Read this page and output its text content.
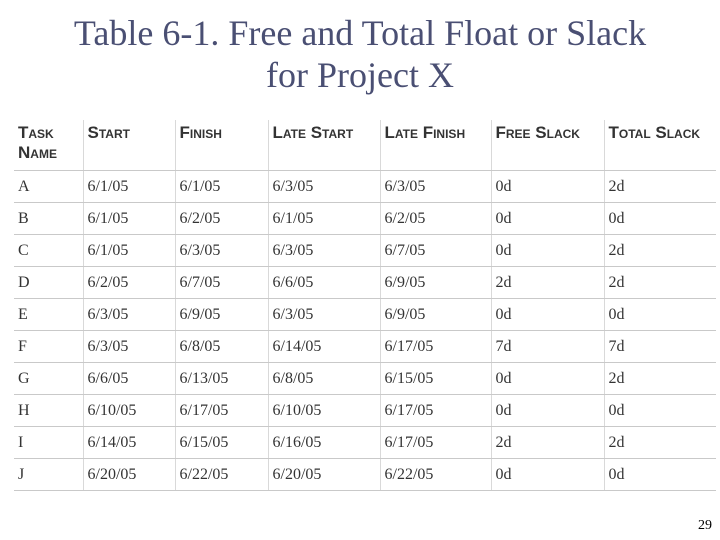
Table 6-1. Free and Total Float or Slack
for Project X
Task Name	Start	Finish	Late Start	Late Finish	Free Slack	Total Slack
A	6/1/05	6/1/05	6/3/05	6/3/05	0d	2d
B	6/1/05	6/2/05	6/1/05	6/2/05	0d	0d
C	6/1/05	6/3/05	6/3/05	6/7/05	0d	2d
D	6/2/05	6/7/05	6/6/05	6/9/05	2d	2d
E	6/3/05	6/9/05	6/3/05	6/9/05	0d	0d
F	6/3/05	6/8/05	6/14/05	6/17/05	7d	7d
G	6/6/05	6/13/05	6/8/05	6/15/05	0d	2d
H	6/10/05	6/17/05	6/10/05	6/17/05	0d	0d
I	6/14/05	6/15/05	6/16/05	6/17/05	2d	2d
J	6/20/05	6/22/05	6/20/05	6/22/05	0d	0d
29
